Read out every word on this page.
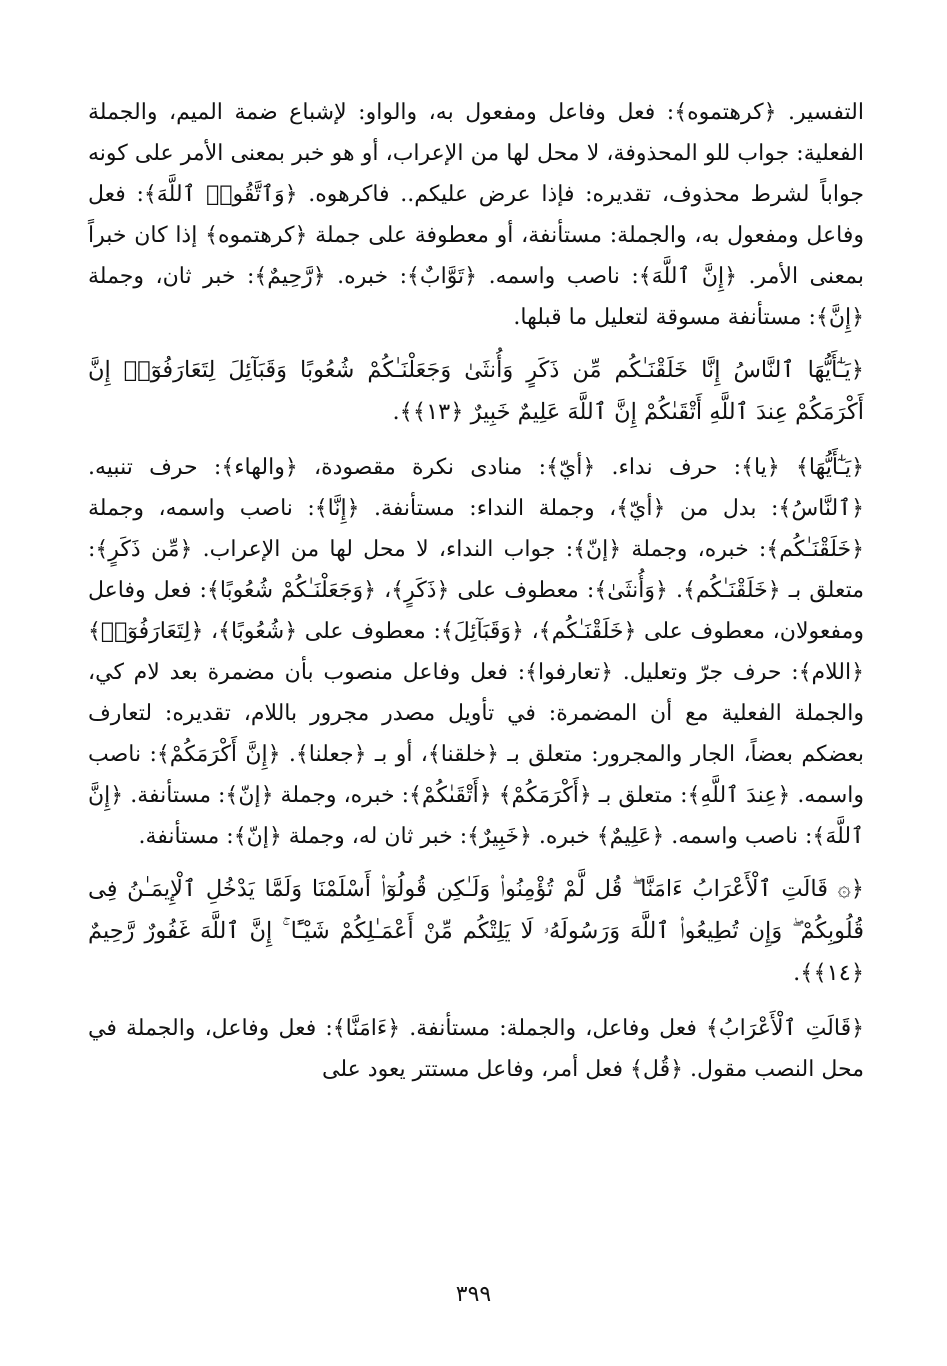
التفسير. ﴿كرهتموه﴾: فعل وفاعل ومفعول به، والواو: لإشباع ضمة الميم، والجملة الفعلية: جواب للو المحذوفة، لا محل لها من الإعراب، أو هو خبر بمعنى الأمر على كونه جواباً لشرط محذوف، تقديره: فإذا عرض عليكم.. فاكرهوه. ﴿وَٱتَّقُوا۟ ٱللَّهَ﴾: فعل وفاعل ومفعول به، والجملة: مستأنفة، أو معطوفة على جملة ﴿كرهتموه﴾ إذا كان خبراً بمعنى الأمر. ﴿إِنَّ ٱللَّهَ﴾: ناصب واسمه. ﴿تَوَّابٌ﴾: خبره. ﴿رَّحِيمٌ﴾: خبر ثان، وجملة ﴿إِنَّ﴾: مستأنفة مسوقة لتعليل ما قبلها.

﴿يَـٰٓأَيُّهَا ٱلنَّاسُ إِنَّا خَلَقْنَـٰكُم مِّن ذَكَرٍ وَأُنثَىٰ وَجَعَلْنَـٰكُمْ شُعُوبًا وَقَبَآئِلَ لِتَعَارَفُوٓا۟ إِنَّ أَكْرَمَكُمْ عِندَ ٱللَّهِ أَتْقَىٰكُمْ إِنَّ ٱللَّهَ عَلِيمٌ خَبِيرٌ ﴿١٣﴾﴾.

﴿يَـٰٓأَيُّهَا﴾ ﴿يا﴾: حرف نداء. ﴿أيّ﴾: منادى نكرة مقصودة، ﴿والهاء﴾: حرف تنبيه. ﴿ٱلنَّاسُ﴾: بدل من ﴿أيّ﴾، وجملة النداء: مستأنفة. ﴿إِنَّا﴾: ناصب واسمه، وجملة ﴿خَلَقْنَـٰكُم﴾: خبره، وجملة ﴿إنّ﴾: جواب النداء، لا محل لها من الإعراب. ﴿مِّن ذَكَرٍ﴾: متعلق بـ ﴿خَلَقْنَـٰكُم﴾. ﴿وَأُنثَىٰ﴾: معطوف على ﴿ذَكَرٍ﴾، ﴿وَجَعَلْنَـٰكُمْ شُعُوبًا﴾: فعل وفاعل ومفعولان، معطوف على ﴿خَلَقْنَـٰكُم﴾، ﴿وَقَبَآئِلَ﴾: معطوف على ﴿شُعُوبًا﴾، ﴿لِتَعَارَفُوٓا۟﴾ ﴿اللام﴾: حرف جرّ وتعليل. ﴿تعارفوا﴾: فعل وفاعل منصوب بأن مضمرة بعد لام كي، والجملة الفعلية مع أن المضمرة: في تأويل مصدر مجرور باللام، تقديره: لتعارف بعضكم بعضاً، الجار والمجرور: متعلق بـ ﴿خلقنا﴾، أو بـ ﴿جعلنا﴾. ﴿إِنَّ أَكْرَمَكُمْ﴾: ناصب واسمه. ﴿عِندَ ٱللَّهِ﴾: متعلق بـ ﴿أَكْرَمَكُمْ﴾ ﴿أَتْقَىٰكُمْ﴾: خبره، وجملة ﴿إنّ﴾: مستأنفة. ﴿إِنَّ ٱللَّهَ﴾: ناصب واسمه. ﴿عَلِيمٌ﴾ خبره. ﴿خَبِيرٌ﴾: خبر ثان له، وجملة ﴿إنّ﴾: مستأنفة.

﴿۞ قَالَتِ ٱلْأَعْرَابُ ءَامَنَّا ۖ قُل لَّمْ تُؤْمِنُوا۟ وَلَـٰكِن قُولُوٓا۟ أَسْلَمْنَا وَلَمَّا يَدْخُلِ ٱلْإِيمَـٰنُ فِى قُلُوبِكُمْ ۖ وَإِن تُطِيعُوا۟ ٱللَّهَ وَرَسُولَهُۥ لَا يَلِتْكُم مِّنْ أَعْمَـٰلِكُمْ شَيْـًٔا ۚ إِنَّ ٱللَّهَ غَفُورٌ رَّحِيمٌ ﴿١٤﴾﴾.

﴿قَالَتِ ٱلْأَعْرَابُ﴾ فعل وفاعل، والجملة: مستأنفة. ﴿ءَامَنَّا﴾: فعل وفاعل، والجملة في محل النصب مقول. ﴿قُل﴾ فعل أمر، وفاعل مستتر يعود على

٣٩٩
